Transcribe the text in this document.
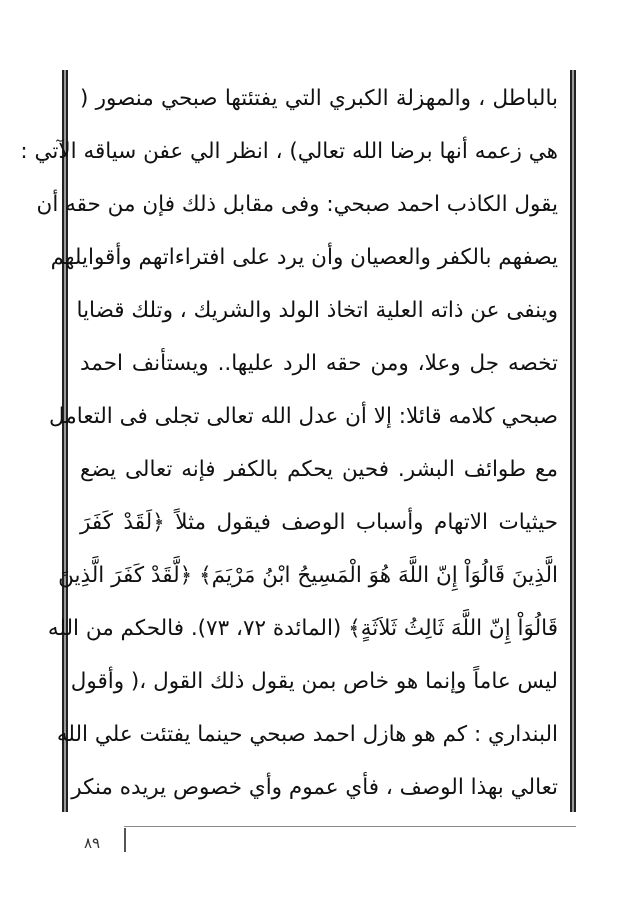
بالباطل ، والمهزلة الكبري التي يفتئتها صبحي منصور (
هي زعمه أنها برضا الله تعالي) ، انظر الي عفن سياقه الآتي :
يقول الكاذب احمد صبحي: وفى مقابل ذلك فإن من حقه أن
يصفهم بالكفر والعصيان وأن يرد على افتراءاتهم وأقوايلهم
وينفى عن ذاته العلية اتخاذ الولد والشريك ، وتلك قضايا
تخصه جل وعلا، ومن حقه الرد عليها.. ويستأنف احمد
صبحي كلامه قائلا: إلا أن عدل الله تعالى تجلى فى التعامل
مع طوائف البشر. فحين يحكم بالكفر فإنه تعالى يضع
حيثيات الاتهام وأسباب الوصف فيقول مثلاً ﴿لَقَدْ كَفَرَ
الَّذِينَ قَالُوَاْ إِنّ اللَّهَ هُوَ الْمَسِيحُ ابْنُ مَرْيَمَ﴾ ﴿لَّقَدْ كَفَرَ الَّذِينَ
قَالُوَاْ إِنّ اللَّهَ ثَالِثُ ثَلاَثَةٍ﴾ (المائدة ٧٢، ٧٣). فالحكم من الله
ليس عاماً وإنما هو خاص بمن يقول ذلك القول ،( وأقول
البنداري : كم هو هازل احمد صبحي حينما يفتئت علي الله
تعالي بهذا الوصف ، فأي عموم وأي خصوص يريده منكر
٨٩
